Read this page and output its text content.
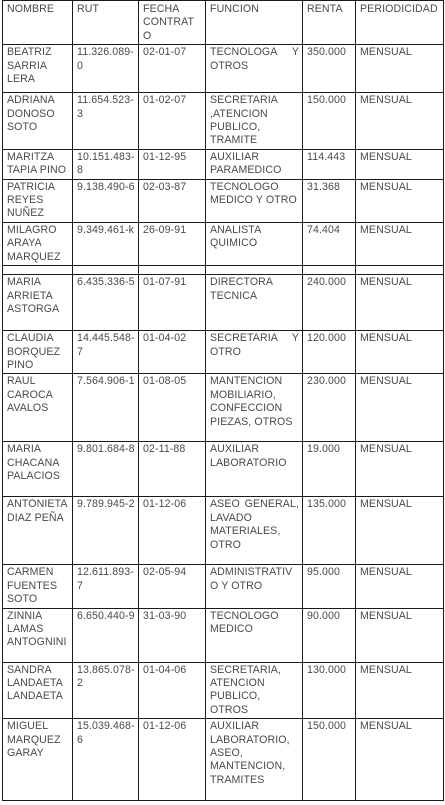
NOMBRE	RUT	FECHA CONTRATO	FUNCION	RENTA	PERIODICIDAD
BEATRIZ SARRIA LERA	11.326.089-0	02-01-07	TECNOLOGA Y OTROS	350.000	MENSUAL
ADRIANA DONOSO SOTO	11.654.523-3	01-02-07	SECRETARIA ,ATENCION PUBLICO, TRAMITE	150.000	MENSUAL
MARITZA TAPIA PINO	10.151.483-8	01-12-95	AUXILIAR PARAMEDICO	114.443	MENSUAL
PATRICIA REYES NUÑEZ	9.138.490-6	02-03-87	TECNOLOGO MEDICO Y OTRO	31.368	MENSUAL
MILAGRO ARAYA MARQUEZ	9.349.461-k	26-09-91	ANALISTA QUIMICO	74.404	MENSUAL

MARIA ARRIETA ASTORGA	6.435.336-5	01-07-91	DIRECTORA TECNICA	240.000	MENSUAL
CLAUDIA BORQUEZ PINO	14.445.548-7	01-04-02	SECRETARIA Y OTRO	120.000	MENSUAL
RAUL CAROCA AVALOS	7.564.906-1	01-08-05	MANTENCION MOBILIARIO, CONFECCION PIEZAS, OTROS	230.000	MENSUAL
MARIA CHACANA PALACIOS	9.801.684-8	02-11-88	AUXILIAR LABORATORIO	19.000	MENSUAL
ANTONIETA DIAZ PEÑA	9.789.945-2	01-12-06	ASEO GENERAL, LAVADO MATERIALES, OTRO	135.000	MENSUAL
CARMEN FUENTES SOTO	12.611.893-7	02-05-94	ADMINISTRATIVO Y OTRO	95.000	MENSUAL
ZINNIA LAMAS ANTOGNINI	6.650.440-9	31-03-90	TECNOLOGO MEDICO	90.000	MENSUAL
SANDRA LANDAETA LANDAETA	13.865.078-2	01-04-06	SECRETARIA, ATENCION PUBLICO, OTROS	130.000	MENSUAL
MIGUEL MARQUEZ GARAY	15.039.468-6	01-12-06	AUXILIAR LABORATORIO, ASEO, MANTENCION, TRAMITES	150.000	MENSUAL
